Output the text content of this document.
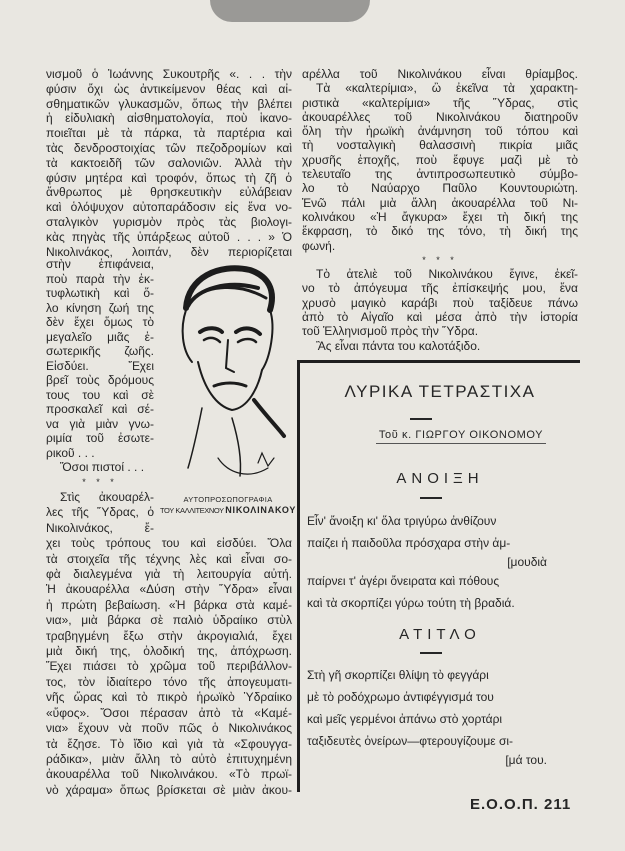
νισμοῦ ὁ Ἰωάννης Συκουτρῆς «. . . τὴν
φύσιν ὄχι ὡς ἀντικείμενον θέας καὶ αἰ-
σθηματικῶν γλυκασμῶν, ὅπως τὴν βλέπει
ἡ εἰδυλιακὴ αἰσθηματολογία, ποὺ ἱκανο-
ποιεῖται μὲ τὰ πάρκα, τὰ παρτέρια καὶ
τὰς δενδροστοιχίας τῶν πεζοδρομίων καὶ
τὰ κακτοειδῆ τῶν σαλονιῶν. Ἀλλὰ τὴν
φύσιν μητέρα καὶ τροφόν, ὅπως τὴ ζῆ ὁ
ἄνθρωπος μὲ θρησκευτικὴν εὐλάβειαν
καὶ ὁλόψυχον αὐτοπαράδοσιν εἰς ἕνα νο-
σταλγικὸν γυρισμὸν πρὸς τὰς βιολογι-
κὰς πηγὰς τῆς ὑπάρξεως αὐτοῦ . . . » Ὁ
Νικολινάκος, λοιπάν, δὲν περιορίζεται
στὴν ἐπιφάνεια,
ποὺ παρὰ τὴν ἐκ-
τυφλωτικὴ καὶ ὅ-
λο κίνηση ζωή της
δὲν ἔχει ὅμως τὸ
μεγαλεῖο μιᾶς ἐ-
σωτερικῆς ζωῆς.
Εἰσδύει. Ἔχει
βρεῖ τοὺς δρόμους
τους του καὶ σὲ
προσκαλεῖ καὶ σέ-
να γιὰ μιὰν γνω-
ριμία τοῦ ἐσωτε-
ρικοῦ . . .
Ὅσοι πιστοί . . .
* * *
Στὶς ἀκουαρέλ-
λες τῆς Ὕδρας, ὁ
Νικολινάκος, ἔ-
χει τοὺς τρόπους του καὶ εἰσδύει. Ὅλα
τὰ στοιχεῖα τῆς τέχνης λὲς καὶ εἶναι σο-
φὰ διαλεγμένα γιὰ τὴ λειτουργία αὐτή.
Ἡ ἀκουαρέλλα «Δύση στὴν Ὕδρα» εἶναι
ἡ πρώτη βεβαίωση. «Ἡ βάρκα στὰ καμέ-
νια», μιὰ βάρκα σὲ παλιὸ ὑδραίικο στὺλ
τραβηγμένη ἔξω στὴν ἀκρογιαλιά, ἔχει
μιὰ δική της, ὁλοδική της, ἀπόχρωση.
Ἔχει πιάσει τὸ χρῶμα τοῦ περιβάλλον-
τος, τὸν ἰδιαίτερο τόνο τῆς ἀπογευματι-
νῆς ὥρας καὶ τὸ πικρὸ ἡρωϊκὸ Ὑδραίικο
«ὕφος». Ὅσοι πέρασαν ἀπὸ τὰ «Καμέ-
νια» ἔχουν νὰ ποῦν πῶς ὁ Νικολινάκος
τὰ ἔζησε. Τὸ ἴδιο καὶ γιὰ τὰ «Σφουγγα-
ράδικα», μιὰν ἄλλη τὸ αὐτὸ ἐπιτυχημένη
ἀκουαρέλλα τοῦ Νικολινάκου. «Τὸ πρωϊ-
νὸ χάραμα» ὅπως βρίσκεται σὲ μιὰν ἀκου-
αρέλλα τοῦ Νικολινάκου εἶναι θρίαμβος.
Τὰ «καλτερίμια», ὢ ἐκεῖνα τὰ χαρακτη-
ριστικὰ «καλτερίμια» τῆς Ὕδρας, στὶς
ἀκουαρέλλες τοῦ Νικολινάκου διατηροῦν
ὅλη τὴν ἡρωϊκὴ ἀνάμνηση τοῦ τόπου καὶ
τὴ νοσταλγικὴ θαλασσινὴ πικρία μιᾶς
χρυσῆς ἐποχῆς, ποὺ ἔφυγε μαζὶ μὲ τὸ
τελευταῖο της ἀντιπροσωπευτικὸ σύμβο-
λο τὸ Ναύαρχο Παῦλο Κουντουριώτη.
Ἐνῶ πάλι μιὰ ἄλλη ἀκουαρέλλα τοῦ Νι-
κολινάκου «Ἡ ἄγκυρα» ἔχει τὴ δική της
ἔκφραση, τὸ δικό της τόνο, τὴ δική της
φωνή.
* * *
Τὸ ἀτελιὲ τοῦ Νικολινάκου ἔγινε, ἐκεῖ-
νο τὸ ἀπόγευμα τῆς ἐπίσκεψής μου, ἕνα
χρυσὸ μαγικὸ καράβι ποὺ ταξίδευε πάνω
ἀπὸ τὸ Αἰγαῖο καὶ μέσα ἀπὸ τὴν ἱστορία
τοῦ Ἑλληνισμοῦ πρὸς τὴν Ὕδρα.
Ἂς εἶναι πάντα του καλοτάξιδο.
ΑΥΤΟΠΡΟΣΩΠΟΓΡΑΦΙΑ
ΤΟΥ ΚΑΛΛΙΤΕΧΝΟΥ ΝΙΚΟΛΙΝΑΚΟΥ
ΛΥΡΙΚΑ ΤΕΤΡΑΣΤΙΧΑ
Τοῦ κ. ΓΙΩΡΓΟΥ ΟΙΚΟΝΟΜΟΥ
ΑΝΟΙΞΗ
Εἶν' ἄνοιξη κι' ὅλα τριγύρω ἀνθίζουν
παίζει ἡ παιδοῦλα πρόσχαρα στὴν ἀμ-
[μουδιὰ
παίρνει τ' ἀγέρι ὄνειρατα καὶ πόθους
καὶ τὰ σκορπίζει γύρω τούτη τὴ βραδιά.
ΑΤΙΤΛΟ
Στὴ γῆ σκορπίζει θλίψη τὸ φεγγάρι
μὲ τὸ ροδόχρωμο ἀντιφέγγισμά του
καὶ μεῖς γερμένοι ἀπάνω στὸ χορτάρι
ταξιδευτὲς ὀνείρων—φτερουγίζουμε σι-
[μά του.
Ε.Ο.Ο.Π. 211
